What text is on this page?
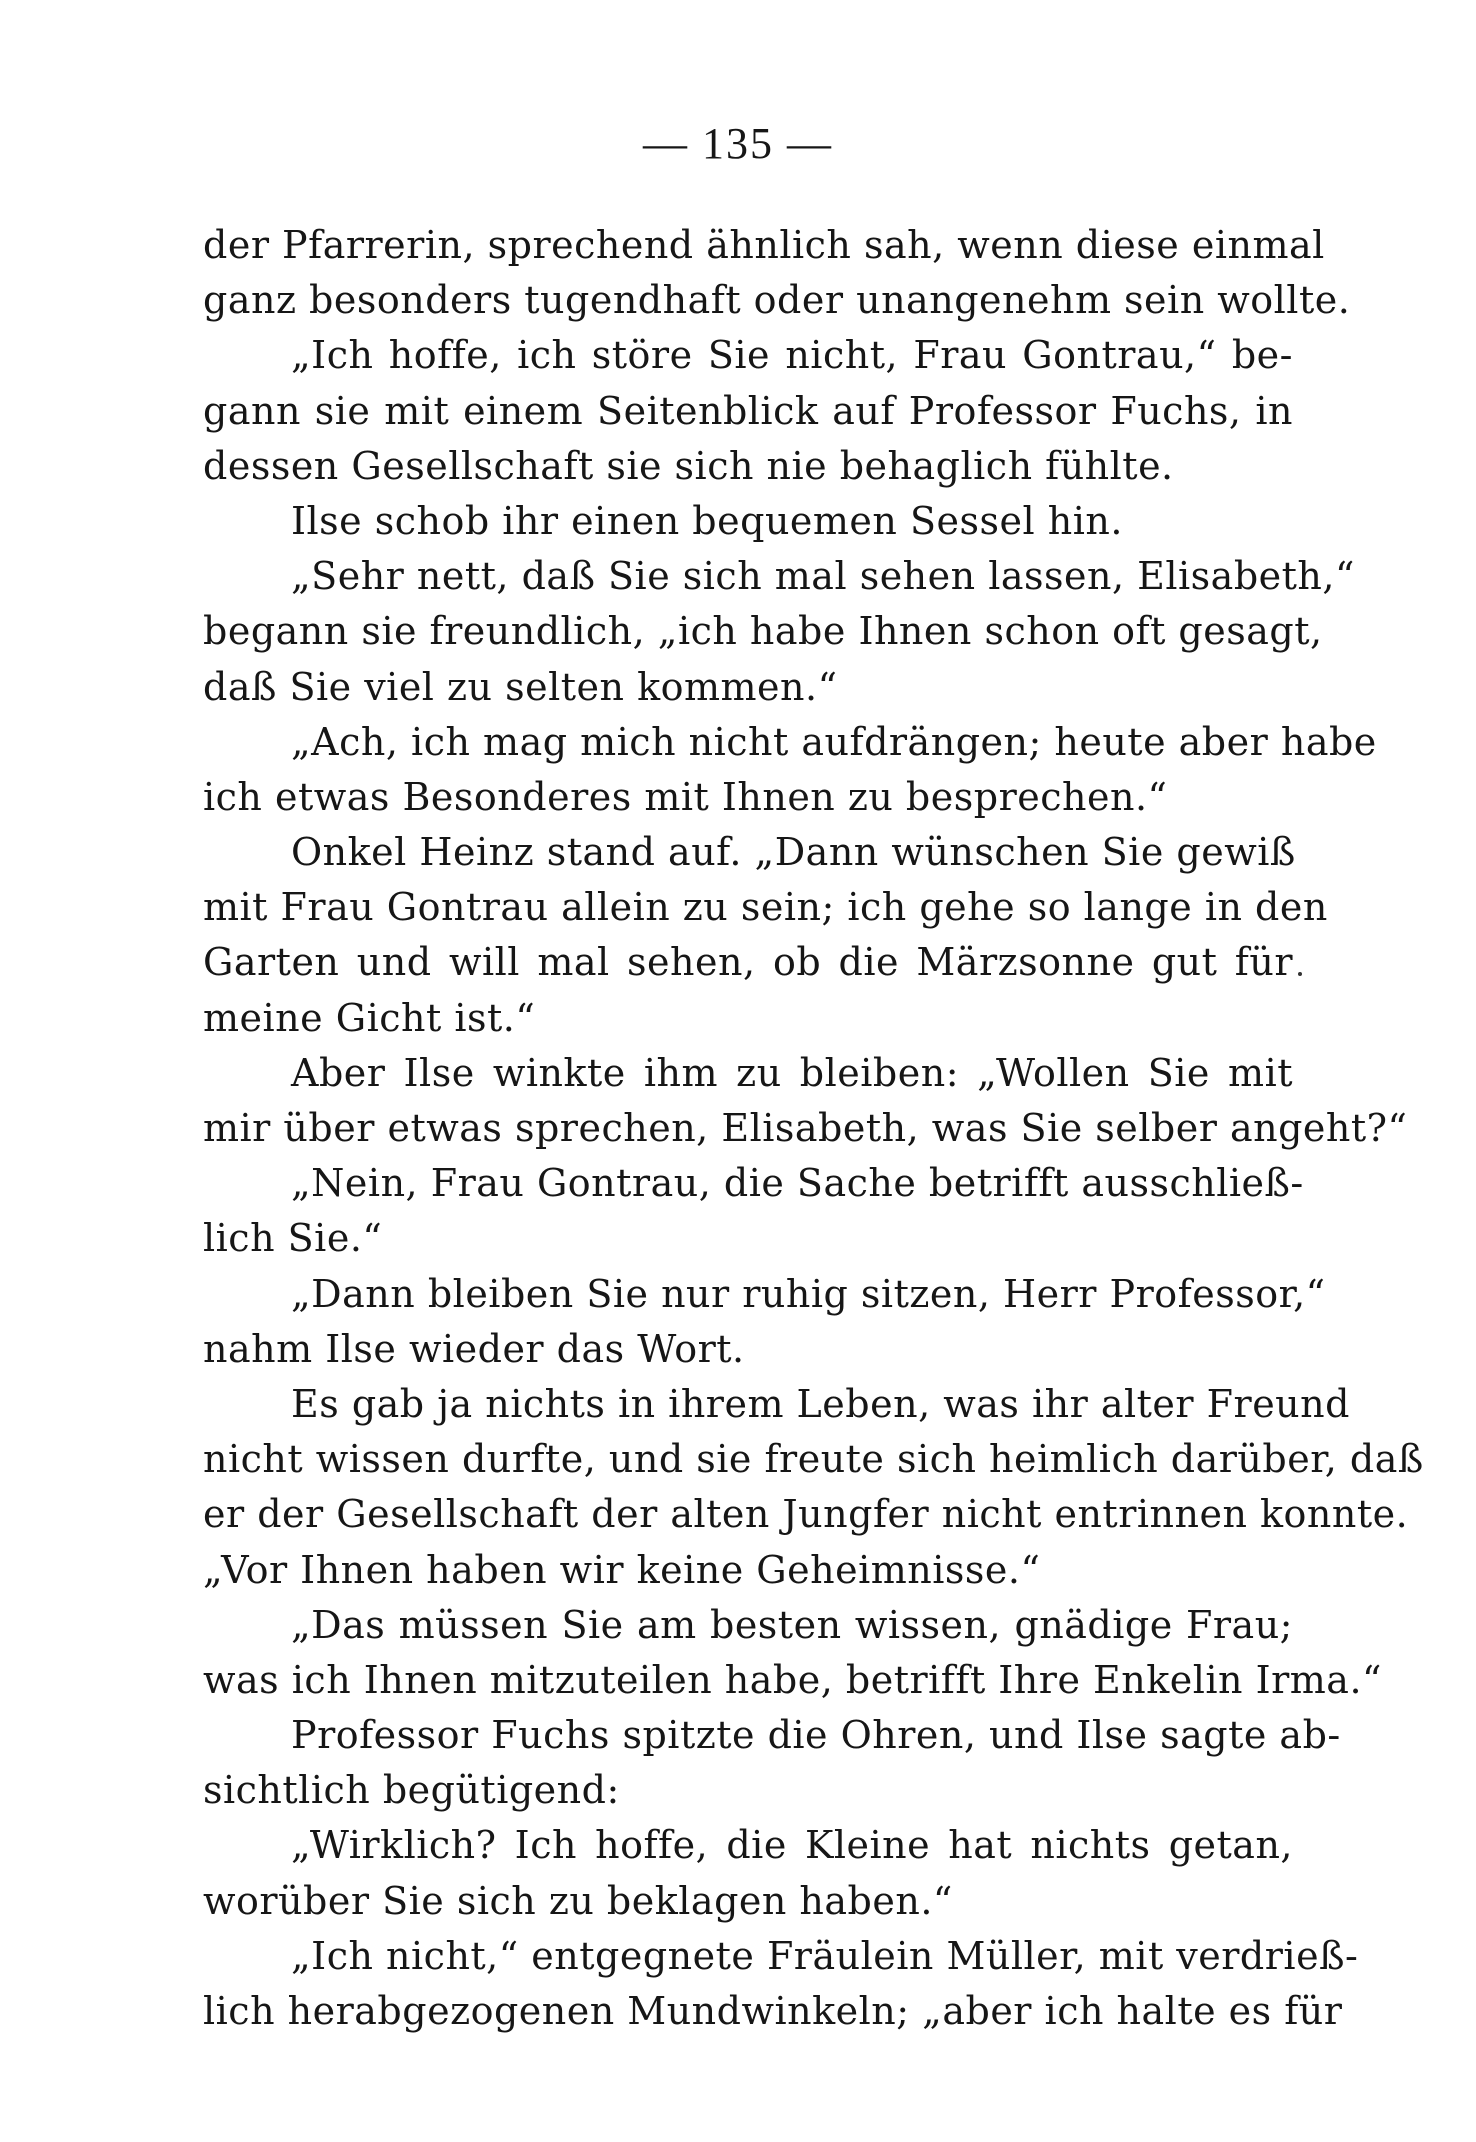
— 135 —
der Pfarrerin, sprechend ähnlich sah, wenn diese einmal
ganz besonders tugendhaft oder unangenehm sein wollte.
„Ich hoffe, ich störe Sie nicht, Frau Gontrau,“ be-
gann sie mit einem Seitenblick auf Professor Fuchs, in
dessen Gesellschaft sie sich nie behaglich fühlte.
Ilse schob ihr einen bequemen Sessel hin.
„Sehr nett, daß Sie sich mal sehen lassen, Elisabeth,“
begann sie freundlich, „ich habe Ihnen schon oft gesagt,
daß Sie viel zu selten kommen.“
„Ach, ich mag mich nicht aufdrängen; heute aber habe
ich etwas Besonderes mit Ihnen zu besprechen.“
Onkel Heinz stand auf. „Dann wünschen Sie gewiß
mit Frau Gontrau allein zu sein; ich gehe so lange in den
Garten und will mal sehen, ob die Märzsonne gut für
meine Gicht ist.“
Aber Ilse winkte ihm zu bleiben: „Wollen Sie mit
mir über etwas sprechen, Elisabeth, was Sie selber angeht?“
„Nein, Frau Gontrau, die Sache betrifft ausschließ-
lich Sie.“
„Dann bleiben Sie nur ruhig sitzen, Herr Professor,“
nahm Ilse wieder das Wort.
Es gab ja nichts in ihrem Leben, was ihr alter Freund
nicht wissen durfte, und sie freute sich heimlich darüber, daß
er der Gesellschaft der alten Jungfer nicht entrinnen konnte.
„Vor Ihnen haben wir keine Geheimnisse.“
„Das müssen Sie am besten wissen, gnädige Frau;
was ich Ihnen mitzuteilen habe, betrifft Ihre Enkelin Irma.“
Professor Fuchs spitzte die Ohren, und Ilse sagte ab-
sichtlich begütigend:
„Wirklich? Ich hoffe, die Kleine hat nichts getan,
worüber Sie sich zu beklagen haben.“
„Ich nicht,“ entgegnete Fräulein Müller, mit verdrieß-
lich herabgezogenen Mundwinkeln; „aber ich halte es für
